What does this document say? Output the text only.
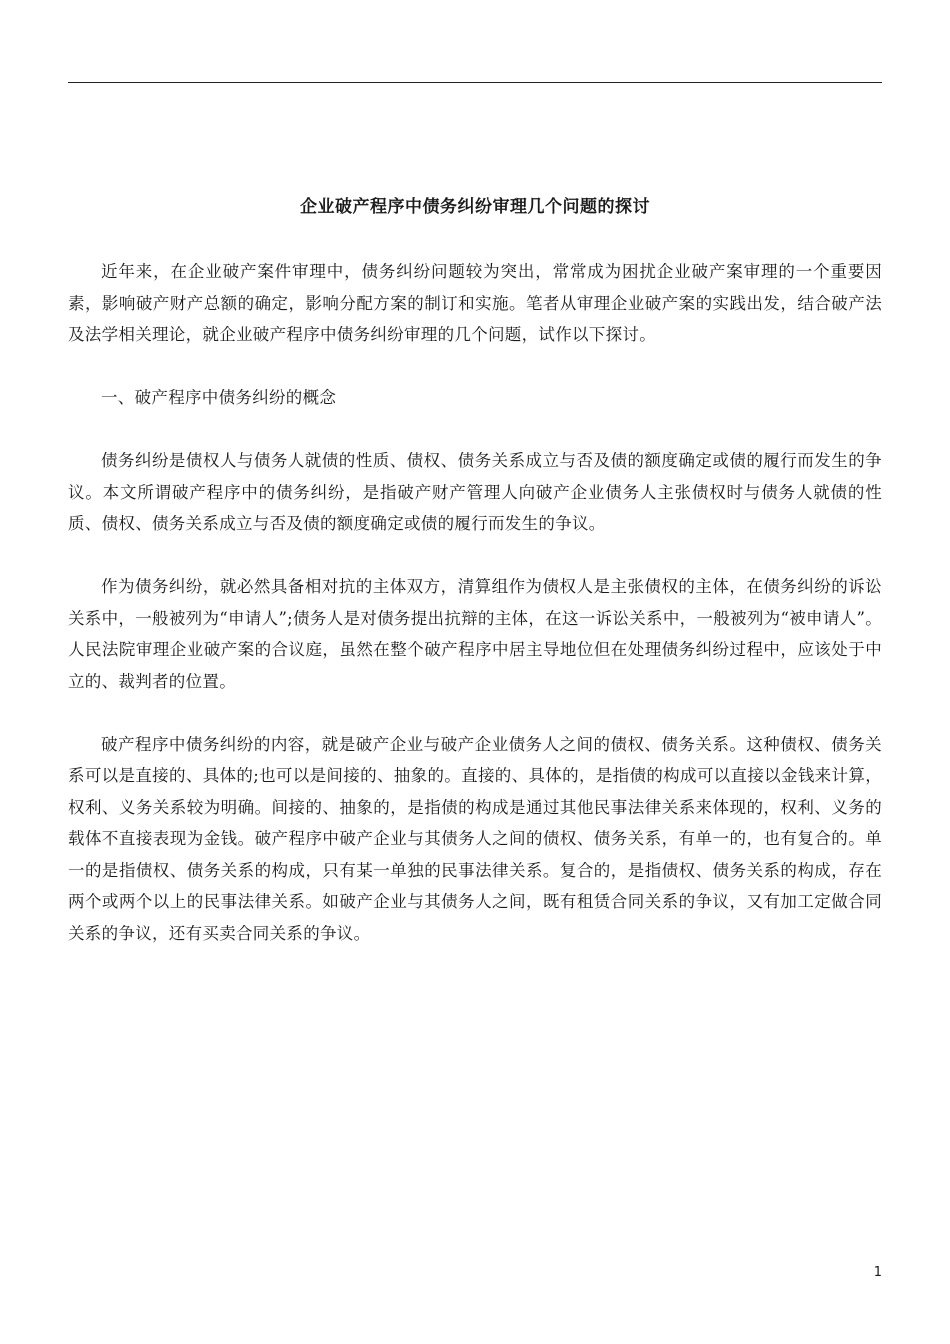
企业破产程序中债务纠纷审理几个问题的探讨

近年来，在企业破产案件审理中，债务纠纷问题较为突出，常常成为困扰企业破产案审理的一个重要因素，影响破产财产总额的确定，影响分配方案的制订和实施。笔者从审理企业破产案的实践出发，结合破产法及法学相关理论，就企业破产程序中债务纠纷审理的几个问题，试作以下探讨。

一、破产程序中债务纠纷的概念

债务纠纷是债权人与债务人就债的性质、债权、债务关系成立与否及债的额度确定或债的履行而发生的争议。本文所谓破产程序中的债务纠纷，是指破产财产管理人向破产企业债务人主张债权时与债务人就债的性质、债权、债务关系成立与否及债的额度确定或债的履行而发生的争议。

作为债务纠纷，就必然具备相对抗的主体双方，清算组作为债权人是主张债权的主体，在债务纠纷的诉讼关系中，一般被列为“申请人”;债务人是对债务提出抗辩的主体，在这一诉讼关系中，一般被列为“被申请人”。人民法院审理企业破产案的合议庭，虽然在整个破产程序中居主导地位但在处理债务纠纷过程中，应该处于中立的、裁判者的位置。

破产程序中债务纠纷的内容，就是破产企业与破产企业债务人之间的债权、债务关系。这种债权、债务关系可以是直接的、具体的;也可以是间接的、抽象的。直接的、具体的，是指债的构成可以直接以金钱来计算，权利、义务关系较为明确。间接的、抽象的，是指债的构成是通过其他民事法律关系来体现的，权利、义务的载体不直接表现为金钱。破产程序中破产企业与其债务人之间的债权、债务关系，有单一的，也有复合的。单一的是指债权、债务关系的构成，只有某一单独的民事法律关系。复合的，是指债权、债务关系的构成，存在两个或两个以上的民事法律关系。如破产企业与其债务人之间，既有租赁合同关系的争议，又有加工定做合同关系的争议，还有买卖合同关系的争议。

1
